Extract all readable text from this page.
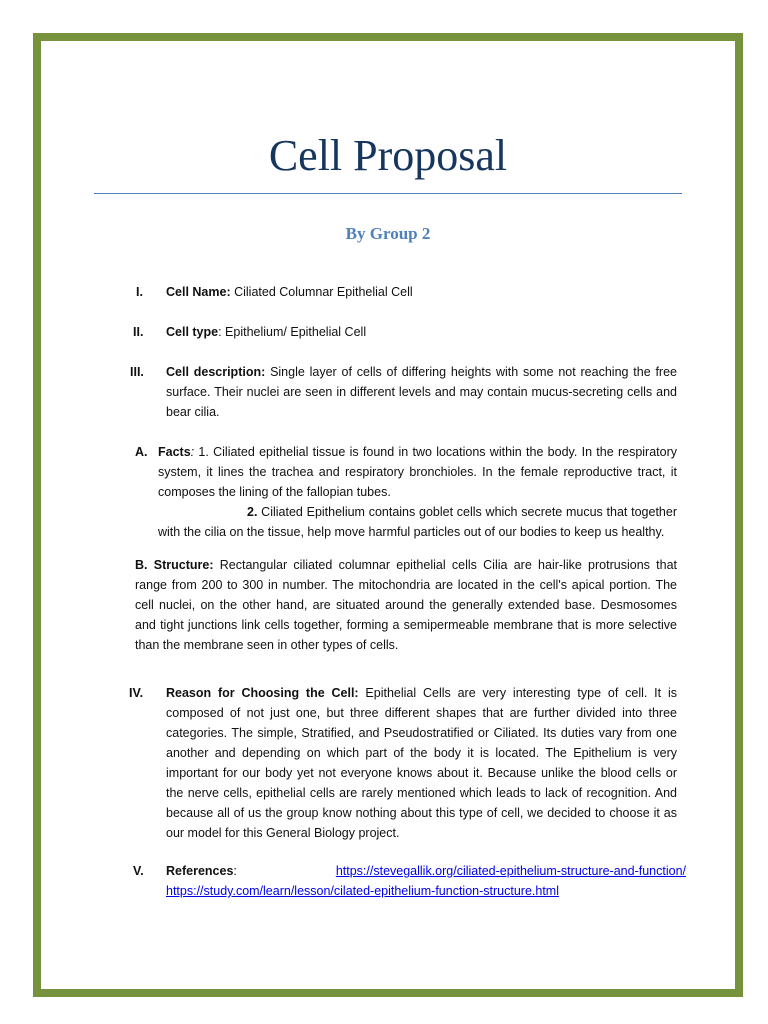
Cell Proposal
By Group 2
I. Cell Name: Ciliated Columnar Epithelial Cell
II. Cell type: Epithelium/ Epithelial Cell
III. Cell description: Single layer of cells of differing heights with some not reaching the free surface. Their nuclei are seen in different levels and may contain mucus-secreting cells and bear cilia.
A. Facts: 1. Ciliated epithelial tissue is found in two locations within the body. In the respiratory system, it lines the trachea and respiratory bronchioles. In the female reproductive tract, it composes the lining of the fallopian tubes.
2. Ciliated Epithelium contains goblet cells which secrete mucus that together with the cilia on the tissue, help move harmful particles out of our bodies to keep us healthy.
B. Structure: Rectangular ciliated columnar epithelial cells Cilia are hair-like protrusions that range from 200 to 300 in number. The mitochondria are located in the cell's apical portion. The cell nuclei, on the other hand, are situated around the generally extended base. Desmosomes and tight junctions link cells together, forming a semipermeable membrane that is more selective than the membrane seen in other types of cells.
IV. Reason for Choosing the Cell: Epithelial Cells are very interesting type of cell. It is composed of not just one, but three different shapes that are further divided into three categories. The simple, Stratified, and Pseudostratified or Ciliated. Its duties vary from one another and depending on which part of the body it is located. The Epithelium is very important for our body yet not everyone knows about it. Because unlike the blood cells or the nerve cells, epithelial cells are rarely mentioned which leads to lack of recognition. And because all of us the group know nothing about this type of cell, we decided to choose it as our model for this General Biology project.
V. References:	https://stevegallik.org/ciliated-epithelium-structure-and-function/
https://study.com/learn/lesson/cilated-epithelium-function-structure.html
